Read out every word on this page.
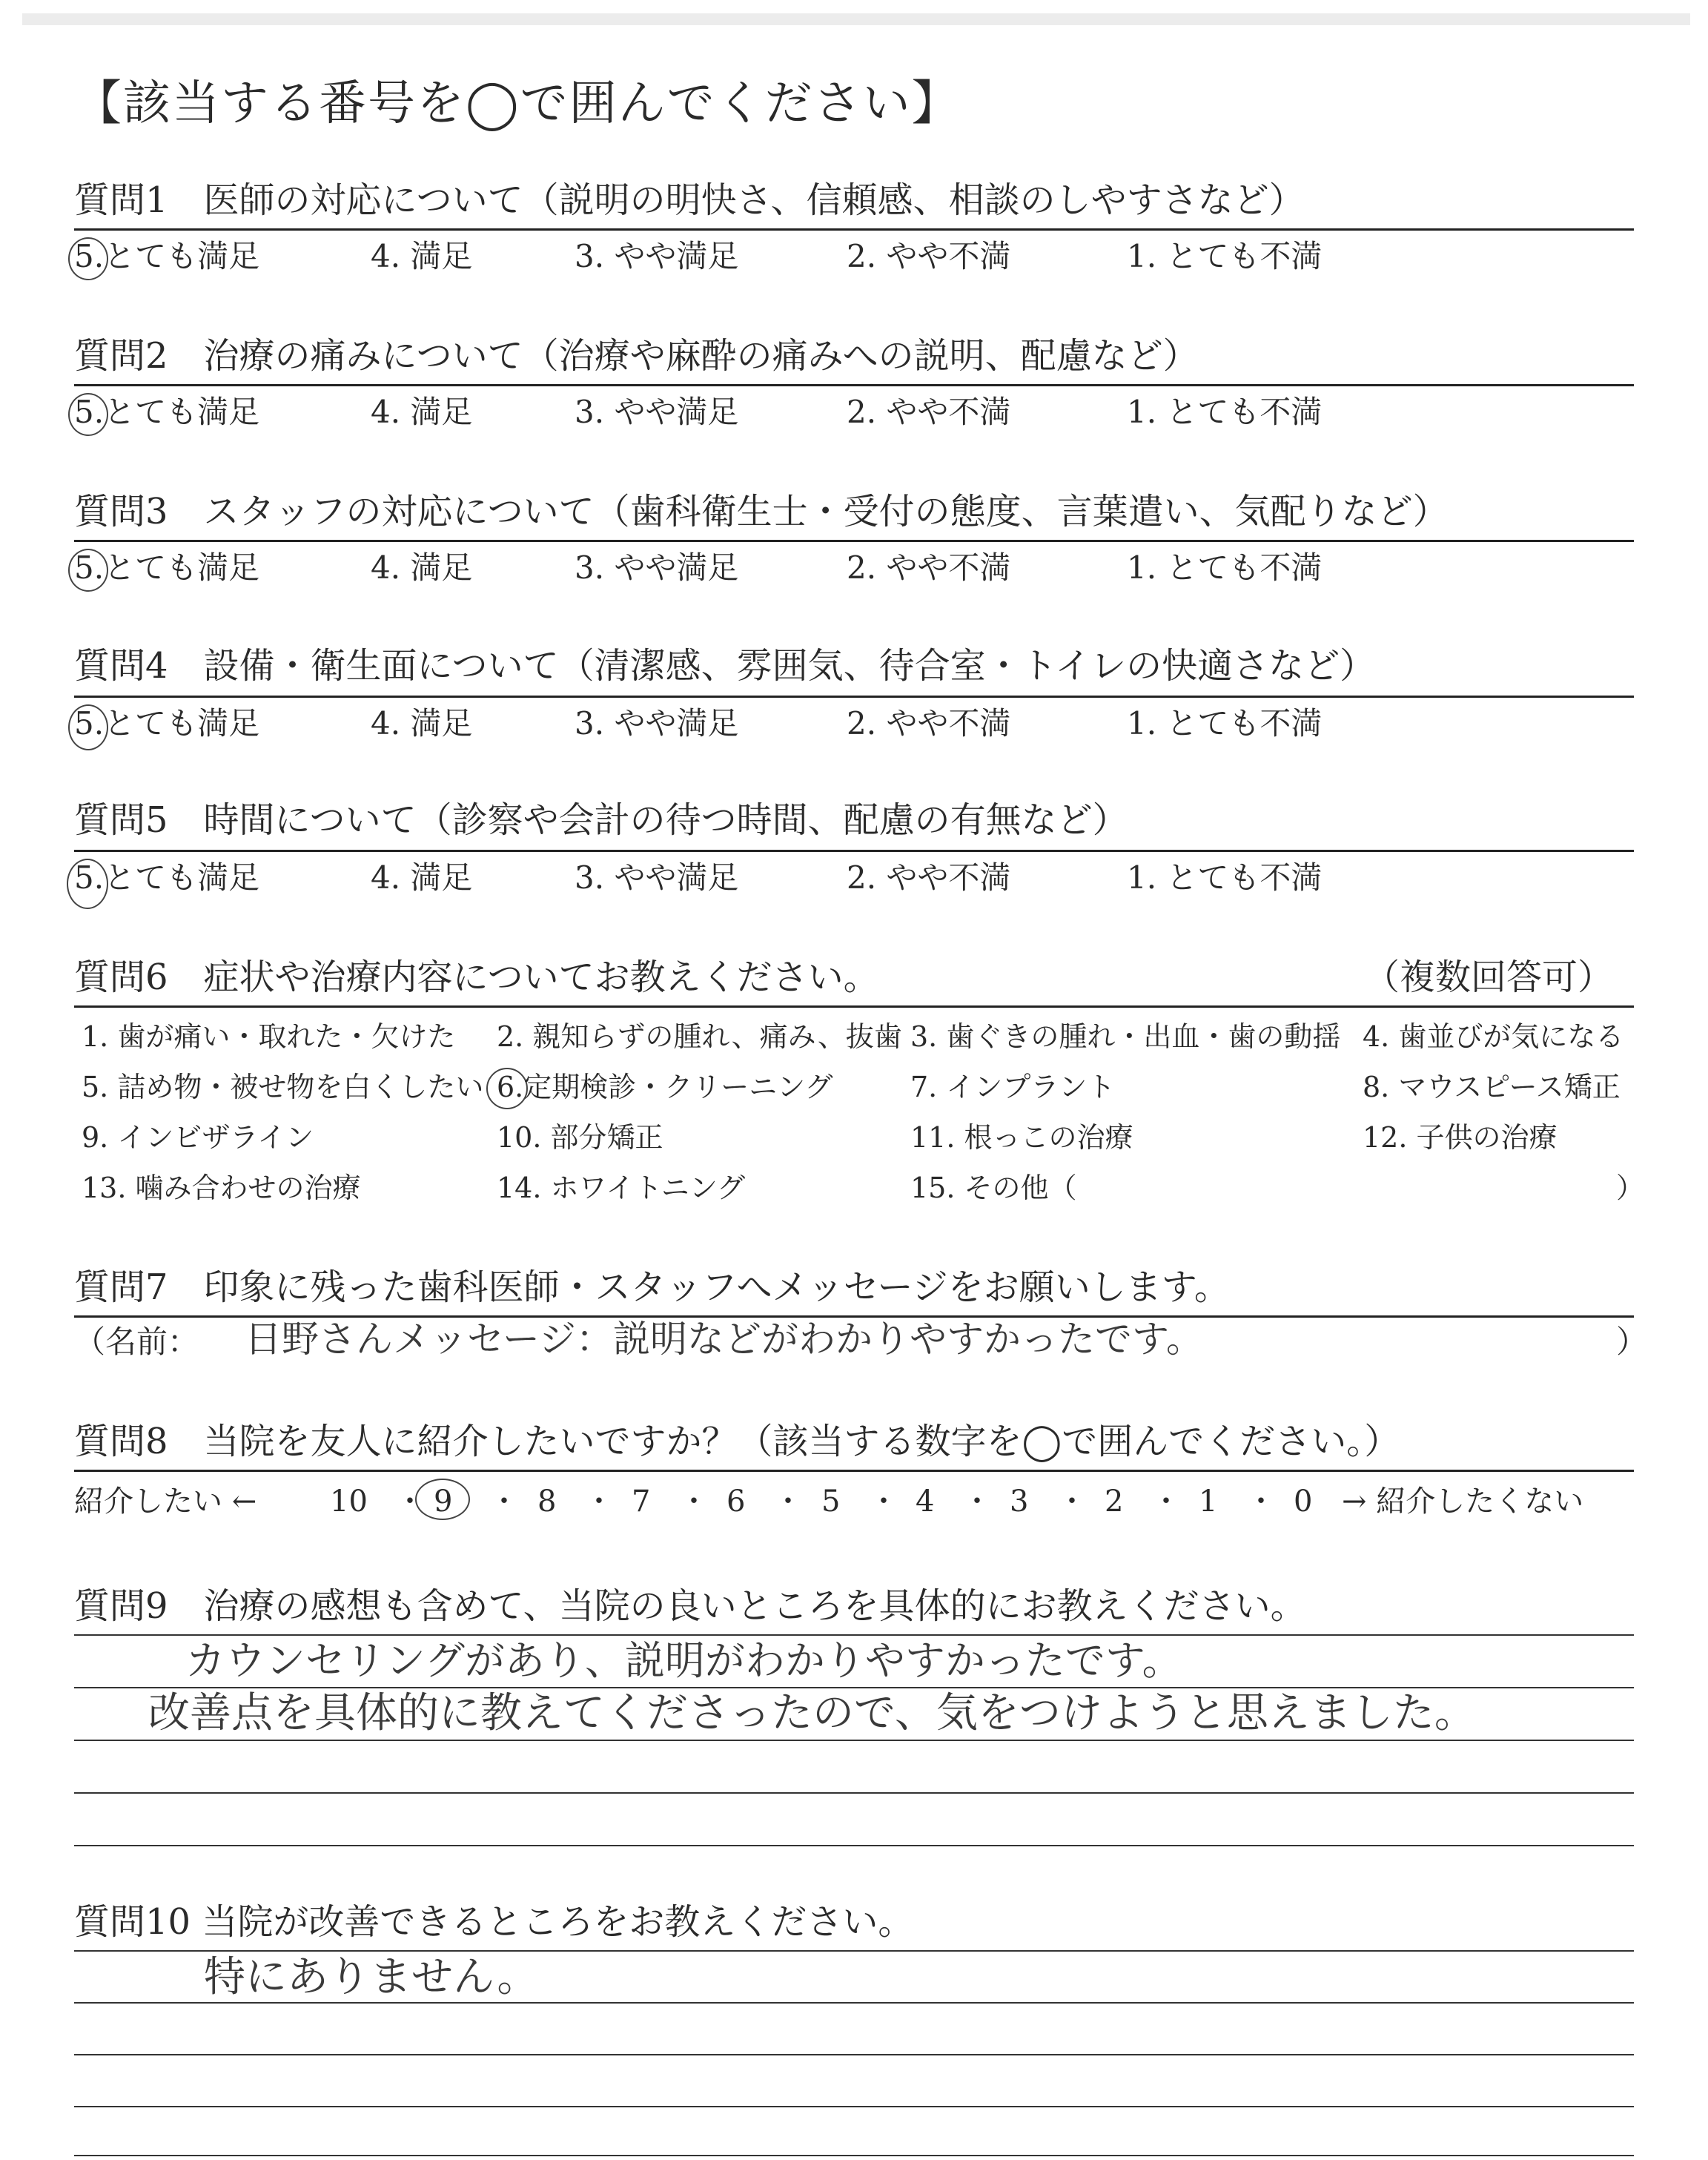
【該当する番号を◯で囲んでください】
質問1　医師の対応について（説明の明快さ、信頼感、相談のしやすさなど）
5.とても満足	4. 満足	3. やや満足	2. やや不満	1. とても不満
質問2　治療の痛みについて（治療や麻酔の痛みへの説明、配慮など）
5.とても満足	4. 満足	3. やや満足	2. やや不満	1. とても不満
質問3　スタッフの対応について（歯科衛生士・受付の態度、言葉遣い、気配りなど）
5.とても満足	4. 満足	3. やや満足	2. やや不満	1. とても不満
質問4　設備・衛生面について（清潔感、雰囲気、待合室・トイレの快適さなど）
5.とても満足	4. 満足	3. やや満足	2. やや不満	1. とても不満
質問5　時間について（診察や会計の待つ時間、配慮の有無など）
5.とても満足	4. 満足	3. やや満足	2. やや不満	1. とても不満
質問6　症状や治療内容についてお教えください。	（複数回答可）
1. 歯が痛い・取れた・欠けた 2. 親知らずの腫れ、痛み、抜歯 3. 歯ぐきの腫れ・出血・歯の動揺 4. 歯並びが気になる
5. 詰め物・被せ物を白くしたい 6.定期検診・クリーニング	7. インプラント	8. マウスピース矯正
9. インビザライン	10. 部分矯正	11. 根っこの治療	12. 子供の治療
13. 噛み合わせの治療	14. ホワイトニング	15. その他（	）
質問7　印象に残った歯科医師・スタッフへメッセージをお願いします。
（名前： 日野さんメッセージ：説明などがわかりやすかったです。	）
質問8　当院を友人に紹介したいですか？（該当する数字を◯で囲んでください。）
紹介したい ← 10 ・ 9 ・ 8 ・ 7 ・ 6 ・ 5 ・ 4 ・ 3 ・ 2 ・ 1 ・ 0 → 紹介したくない
質問9　治療の感想も含めて、当院の良いところを具体的にお教えください。
カウンセリングがあり、説明がわかりやすかったです。
改善点を具体的に教えてくださったので、気をつけようと思えました。
質問10 当院が改善できるところをお教えください。
特にありません。
